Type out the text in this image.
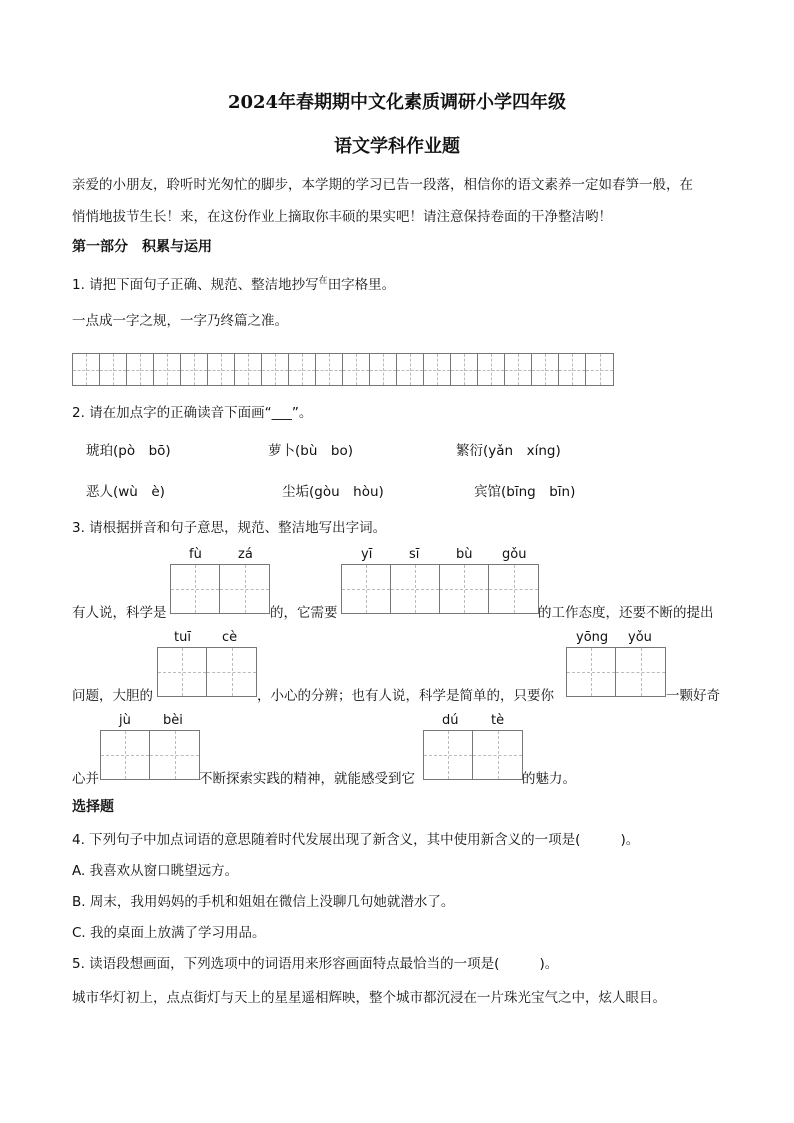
2024年春期期中文化素质调研小学四年级
语文学科作业题
亲爱的小朋友，聆听时光匆忙的脚步，本学期的学习已告一段落，相信你的语文素养一定如春笋一般，在
悄悄地拔节生长！来，在这份作业上摘取你丰硕的果实吧！请注意保持卷面的干净整洁哟！
第一部分　积累与运用
1. 请把下面句子正确、规范、整洁地抄写$^在$田字格里。
一点成一字之规，一字乃终篇之准。
2. 请在加点字的正确读音下面画“___”。
琥珀(pò　bō)	萝卜(bù　bo)	繁衍(yǎn　xíng)
恶人(wù　è)	尘垢(gòu　hòu)	宾馆(bīng　bīn)
3. 请根据拼音和句子意思，规范、整洁地写出字词。
fù	zá	yī	sī	bù gǒu
有人说，科学是	的，它需要	的工作态度，还要不断的提出
tuī cè	yōng yǒu
问题，大胆的	，小心的分辨；也有人说，科学是简单的，只要你	一颗好奇
jù bèi	dú	tè
心并	不断探索实践的精神，就能感受到它	的魅力。
选择题
4. 下列句子中加点词语的意思随着时代发展出现了新含义，其中使用新含义的一项是(	)。
A. 我喜欢从窗口眺望远方。
B. 周末，我用妈妈的手机和姐姐在微信上没聊几句她就潜水了。
C. 我的桌面上放满了学习用品。
5. 读语段想画面，下列选项中的词语用来形容画面特点最恰当的一项是(	)。
城市华灯初上，点点街灯与天上的星星遥相辉映，整个城市都沉浸在一片珠光宝气之中，炫人眼目。
